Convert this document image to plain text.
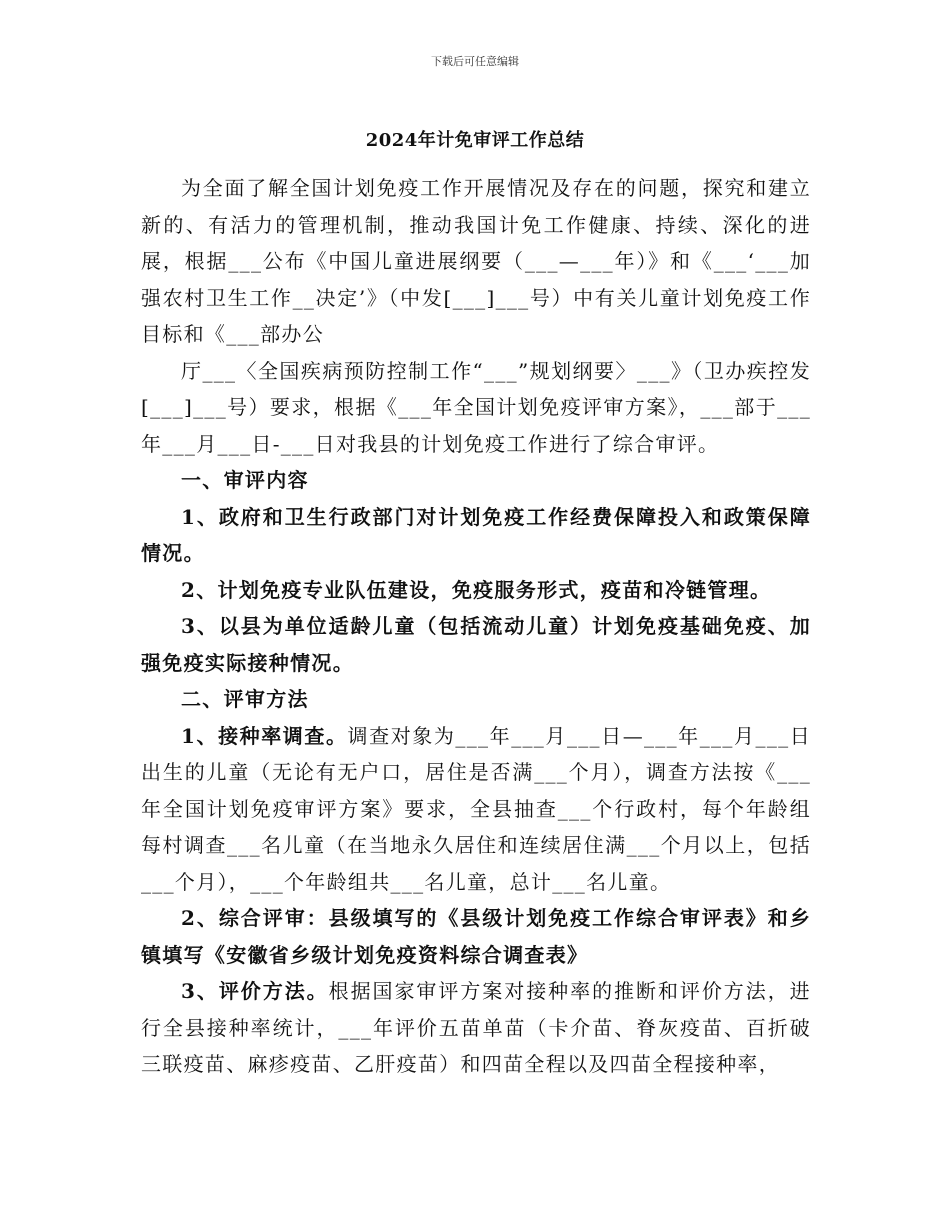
下载后可任意编辑
2024年计免审评工作总结

为全面了解全国计划免疫工作开展情况及存在的问题，探究和建立新的、有活力的管理机制，推动我国计免工作健康、持续、深化的进展，根据___公布《中国儿童进展纲要（___—___年）》和《___‘___加强农村卫生工作__决定’》（中发[___]___号）中有关儿童计划免疫工作目标和《___部办公

厅___〈全国疾病预防控制工作“___”规划纲要〉___》（卫办疾控发[___]___号）要求，根据《___年全国计划免疫评审方案》，___部于___年___月___日-___日对我县的计划免疫工作进行了综合审评。

一、审评内容

1、政府和卫生行政部门对计划免疫工作经费保障投入和政策保障情况。

2、计划免疫专业队伍建设，免疫服务形式，疫苗和冷链管理。

3、以县为单位适龄儿童（包括流动儿童）计划免疫基础免疫、加强免疫实际接种情况。

二、评审方法

1、接种率调查。调查对象为___年___月___日—___年___月___日出生的儿童（无论有无户口，居住是否满___个月），调查方法按《___年全国计划免疫审评方案》要求，全县抽查___个行政村，每个年龄组每村调查___名儿童（在当地永久居住和连续居住满___个月以上，包括___个月），___个年龄组共___名儿童，总计___名儿童。

2、综合评审：县级填写的《县级计划免疫工作综合审评表》和乡镇填写《安徽省乡级计划免疫资料综合调查表》

3、评价方法。根据国家审评方案对接种率的推断和评价方法，进行全县接种率统计，___年评价五苗单苗（卡介苗、脊灰疫苗、百折破三联疫苗、麻疹疫苗、乙肝疫苗）和四苗全程以及四苗全程接种率，
